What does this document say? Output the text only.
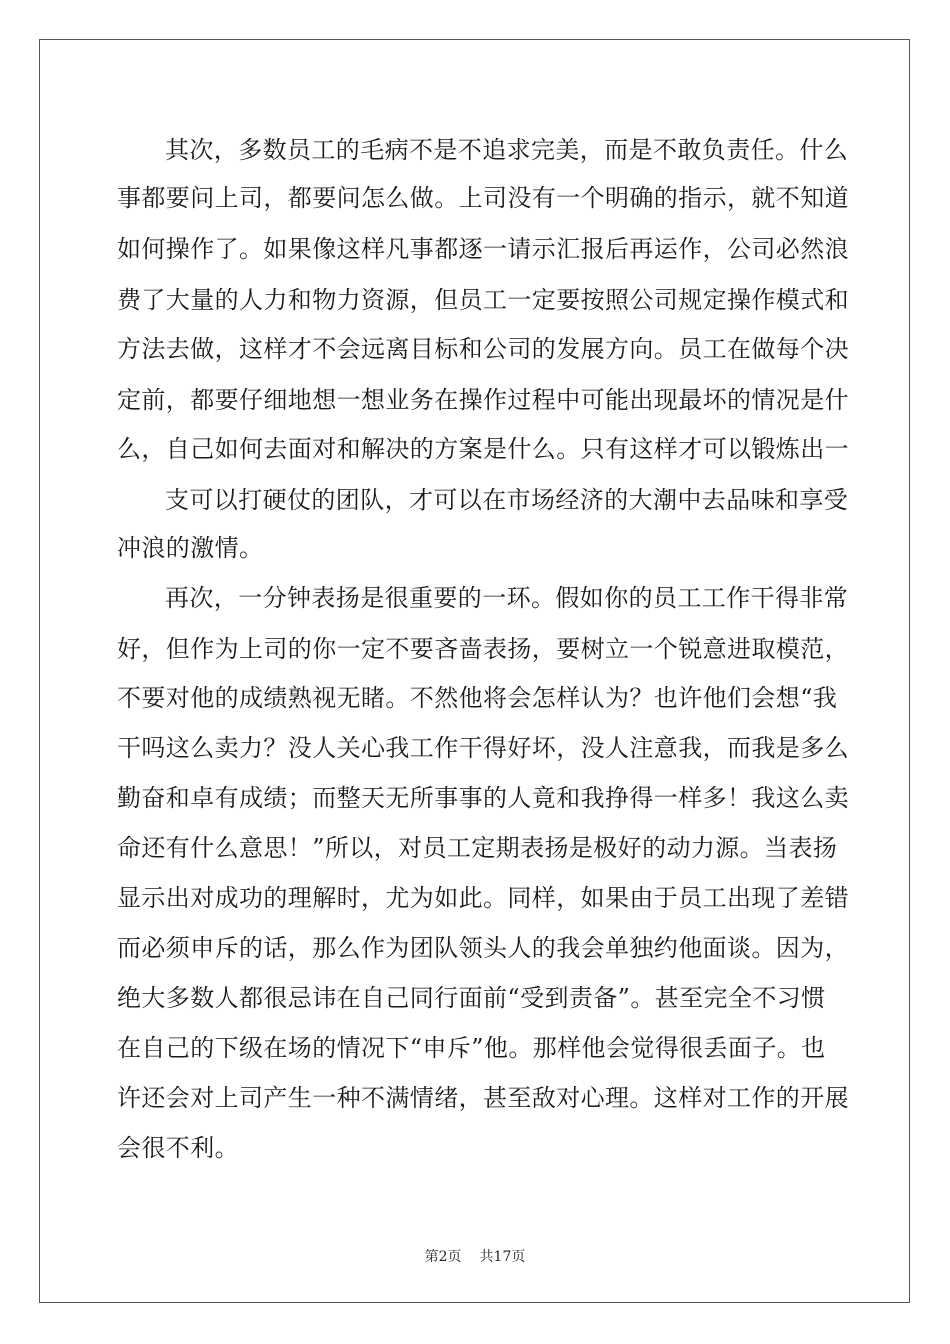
其次，多数员工的毛病不是不追求完美，而是不敢负责任。什么
事都要问上司，都要问怎么做。上司没有一个明确的指示，就不知道
如何操作了。如果像这样凡事都逐一请示汇报后再运作，公司必然浪
费了大量的人力和物力资源，但员工一定要按照公司规定操作模式和
方法去做，这样才不会远离目标和公司的发展方向。员工在做每个决
定前，都要仔细地想一想业务在操作过程中可能出现最坏的情况是什
么，自己如何去面对和解决的方案是什么。只有这样才可以锻炼出一
支可以打硬仗的团队，才可以在市场经济的大潮中去品味和享受
冲浪的激情。
再次，一分钟表扬是很重要的一环。假如你的员工工作干得非常
好，但作为上司的你一定不要吝啬表扬，要树立一个锐意进取模范，
不要对他的成绩熟视无睹。不然他将会怎样认为？也许他们会想“我
干吗这么卖力？没人关心我工作干得好坏，没人注意我，而我是多么
勤奋和卓有成绩；而整天无所事事的人竟和我挣得一样多！我这么卖
命还有什么意思！”所以，对员工定期表扬是极好的动力源。当表扬
显示出对成功的理解时，尤为如此。同样，如果由于员工出现了差错
而必须申斥的话，那么作为团队领头人的我会单独约他面谈。因为，
绝大多数人都很忌讳在自己同行面前“受到责备”。甚至完全不习惯
在自己的下级在场的情况下“申斥”他。那样他会觉得很丢面子。也
许还会对上司产生一种不满情绪，甚至敌对心理。这样对工作的开展
会很不利。
第2页 共17页
